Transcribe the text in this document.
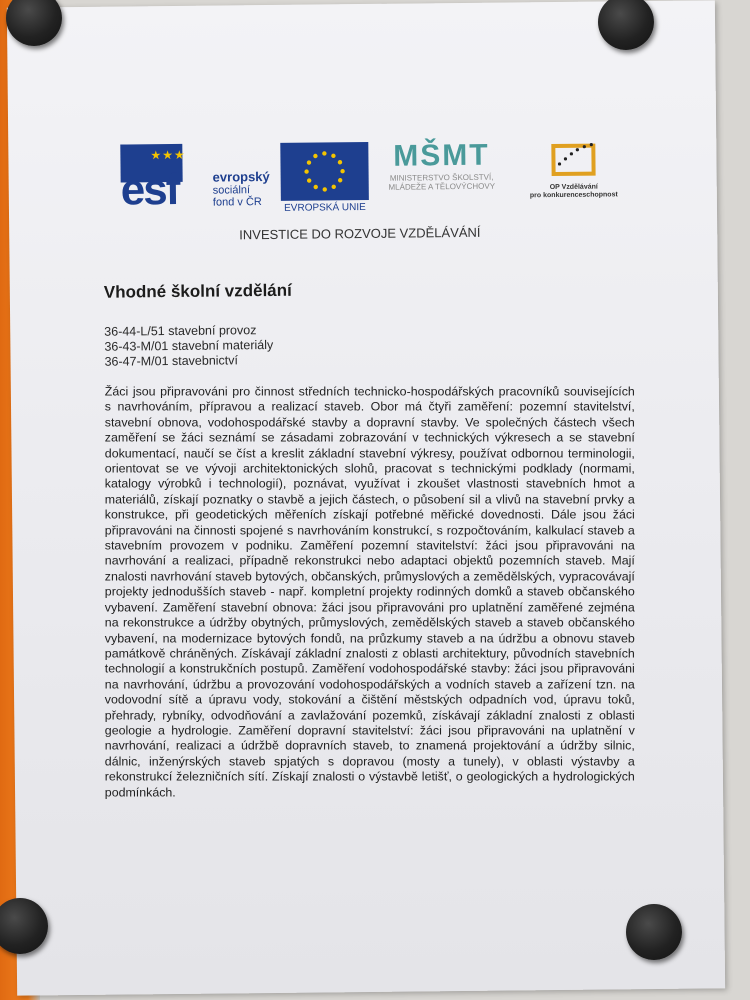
★★★
esf	evropský
sociální
fond v ČR	EVROPSKÁ UNIE
MŠMT
MINISTERSTVO ŠKOLSTVÍ,
MLÁDEŽE A TĚLOVÝCHOVY	OP Vzdělávání
pro konkurenceschopnost
INVESTICE DO ROZVOJE VZDĚLÁVÁNÍ
Vhodné školní vzdělání
36-44-L/51 stavební provoz
36-43-M/01 stavební materiály
36-47-M/01 stavebnictví
Žáci jsou připravováni pro činnost středních technicko-hospodářských pracovníků souvisejících s navrhováním, přípravou a realizací staveb. Obor má čtyři zaměření: pozemní stavitelství, stavební obnova, vodohospodářské stavby a dopravní stavby. Ve společných částech všech zaměření se žáci seznámí se zásadami zobrazování v technických výkresech a se stavební dokumentací, naučí se číst a kreslit základní stavební výkresy, používat odbornou terminologii, orientovat se ve vývoji architektonických slohů, pracovat s technickými podklady (normami, katalogy výrobků i technologií), poznávat, využívat i zkoušet vlastnosti stavebních hmot a materiálů, získají poznatky o stavbě a jejich částech, o působení sil a vlivů na stavební prvky a konstrukce, při geodetických měřeních získají potřebné měřické dovednosti. Dále jsou žáci připravováni na činnosti spojené s navrhováním konstrukcí, s rozpočtováním, kalkulací staveb a stavebním provozem v podniku. Zaměření pozemní stavitelství: žáci jsou připravováni na navrhování a realizaci, případně rekonstrukci nebo adaptaci objektů pozemních staveb. Mají znalosti navrhování staveb bytových, občanských, průmyslových a zemědělských, vypracovávají projekty jednodušších staveb - např. kompletní projekty rodinných domků a staveb občanského vybavení. Zaměření stavební obnova: žáci jsou připravováni pro uplatnění zaměřené zejména na rekonstrukce a údržby obytných, průmyslových, zemědělských staveb a staveb občanského vybavení, na modernizace bytových fondů, na průzkumy staveb a na údržbu a obnovu staveb památkově chráněných. Získávají základní znalosti z oblasti architektury, původních stavebních technologií a konstrukčních postupů. Zaměření vodohospodářské stavby: žáci jsou připravováni na navrhování, údržbu a provozování vodohospodářských a vodních staveb a zařízení tzn. na vodovodní sítě a úpravu vody, stokování a čištění městských odpadních vod, úpravu toků, přehrady, rybníky, odvodňování a zavlažování pozemků, získávají základní znalosti z oblasti geologie a hydrologie. Zaměření dopravní stavitelství: žáci jsou připravováni na uplatnění v navrhování, realizaci a údržbě dopravních staveb, to znamená projektování a údržby silnic, dálnic, inženýrských staveb spjatých s dopravou (mosty a tunely), v oblasti výstavby a rekonstrukcí železničních sítí. Získají znalosti o výstavbě letišť, o geologických a hydrologických podmínkách.
